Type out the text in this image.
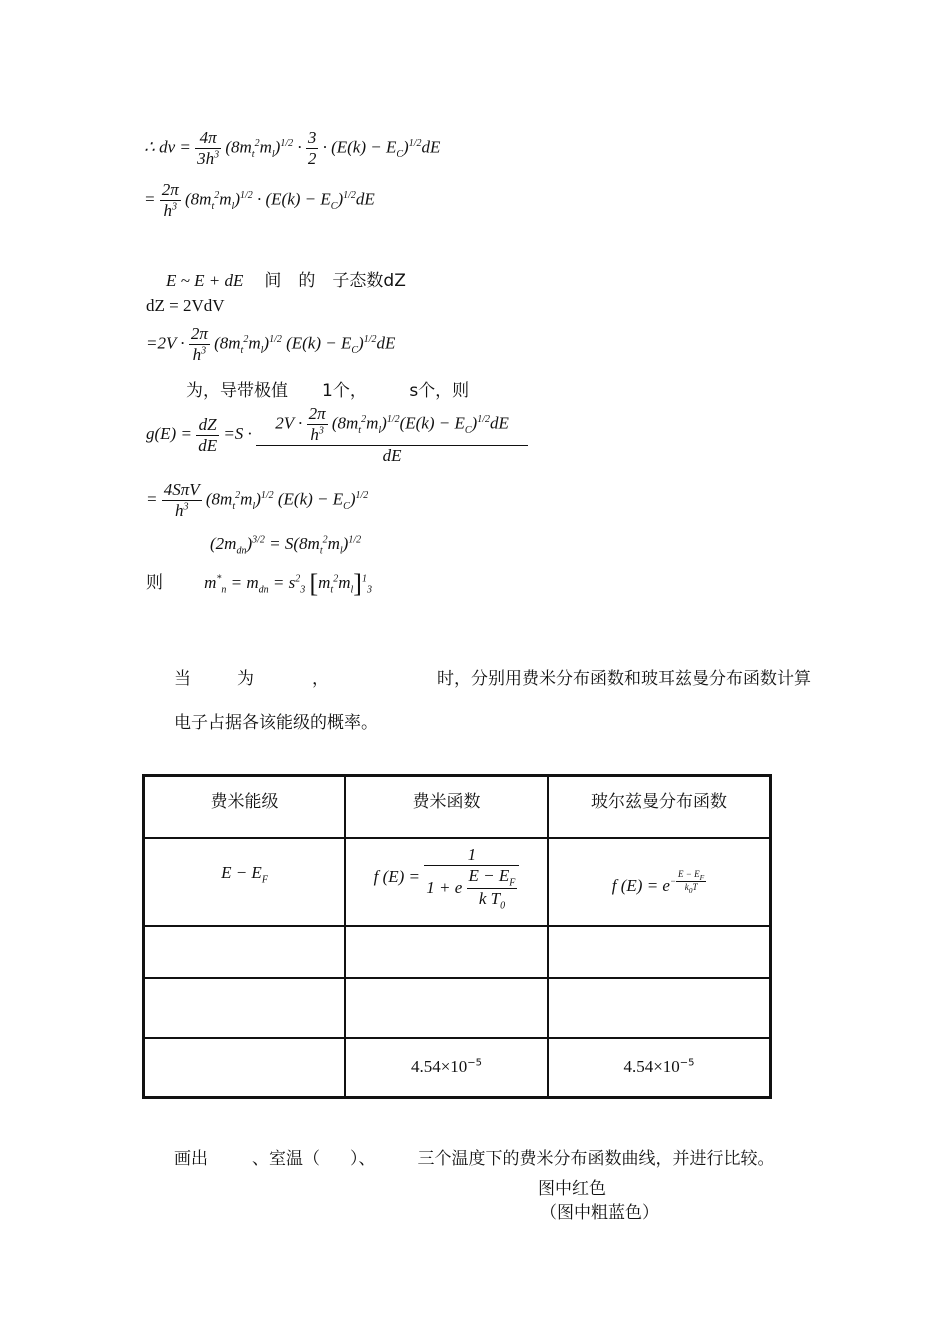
∴ dv = $\frac{4\pi}{3h^3} (8m_t^2m_l)^{1/2} \cdot \frac{3}{2} \cdot (E(k) - E_C)^{1/2}dE$
= $\frac{2\pi}{h^3} (8m_t^2m_l)^{1/2} \cdot (E(k) - E_C)^{1/2}dE$
E ~ E + dE 间　的　子态数dZ
dZ = 2VdV
$=2V \cdot \frac{2\pi}{h^3} (8m_t^2m_l)^{1/2}$ $(E(k) - E_C)^{1/2}dE$
为，导带极值　　1个，　　　s个，则
$g(E) = \frac{dZ}{dE} =S \cdot \frac{2V \cdot \frac{2\pi}{h^3} (8m_t^2m_l)^{1/2}(E(k) - E_C)^{1/2}dE}{dE}$
= $\frac{\text{4SπV}}{h^3} (8m_t^2m_l)^{1/2}$ $(E(k) - E_C)^{1/2}$
$(2m_{dn})^{3/2} = S(8m_t^2m_l)^{1/2}$
则 $m^*_n = m_{dn} = s^2_3$ $[m_t^2m_l]^1_3$
当	为	，	时，分别用费米分布函数和玻耳兹曼分布函数计算
电子占据各该能级的概率。
费米能级	费米函数	玻尔兹曼分布函数
$E - E_F$	f $(E) = \frac{1}{1 + e \frac{E - E_F}{k T_0}}$	f $(E) = e^{- \frac{E - E_F}{k_0T}}$

	$4.54\times 10^{-5}$	$4.54\times 10^{-5}$
画出	、室温（ ）、 三个温度下的费米分布函数曲线，并进行比较。
图中红色
（图中粗蓝色）
